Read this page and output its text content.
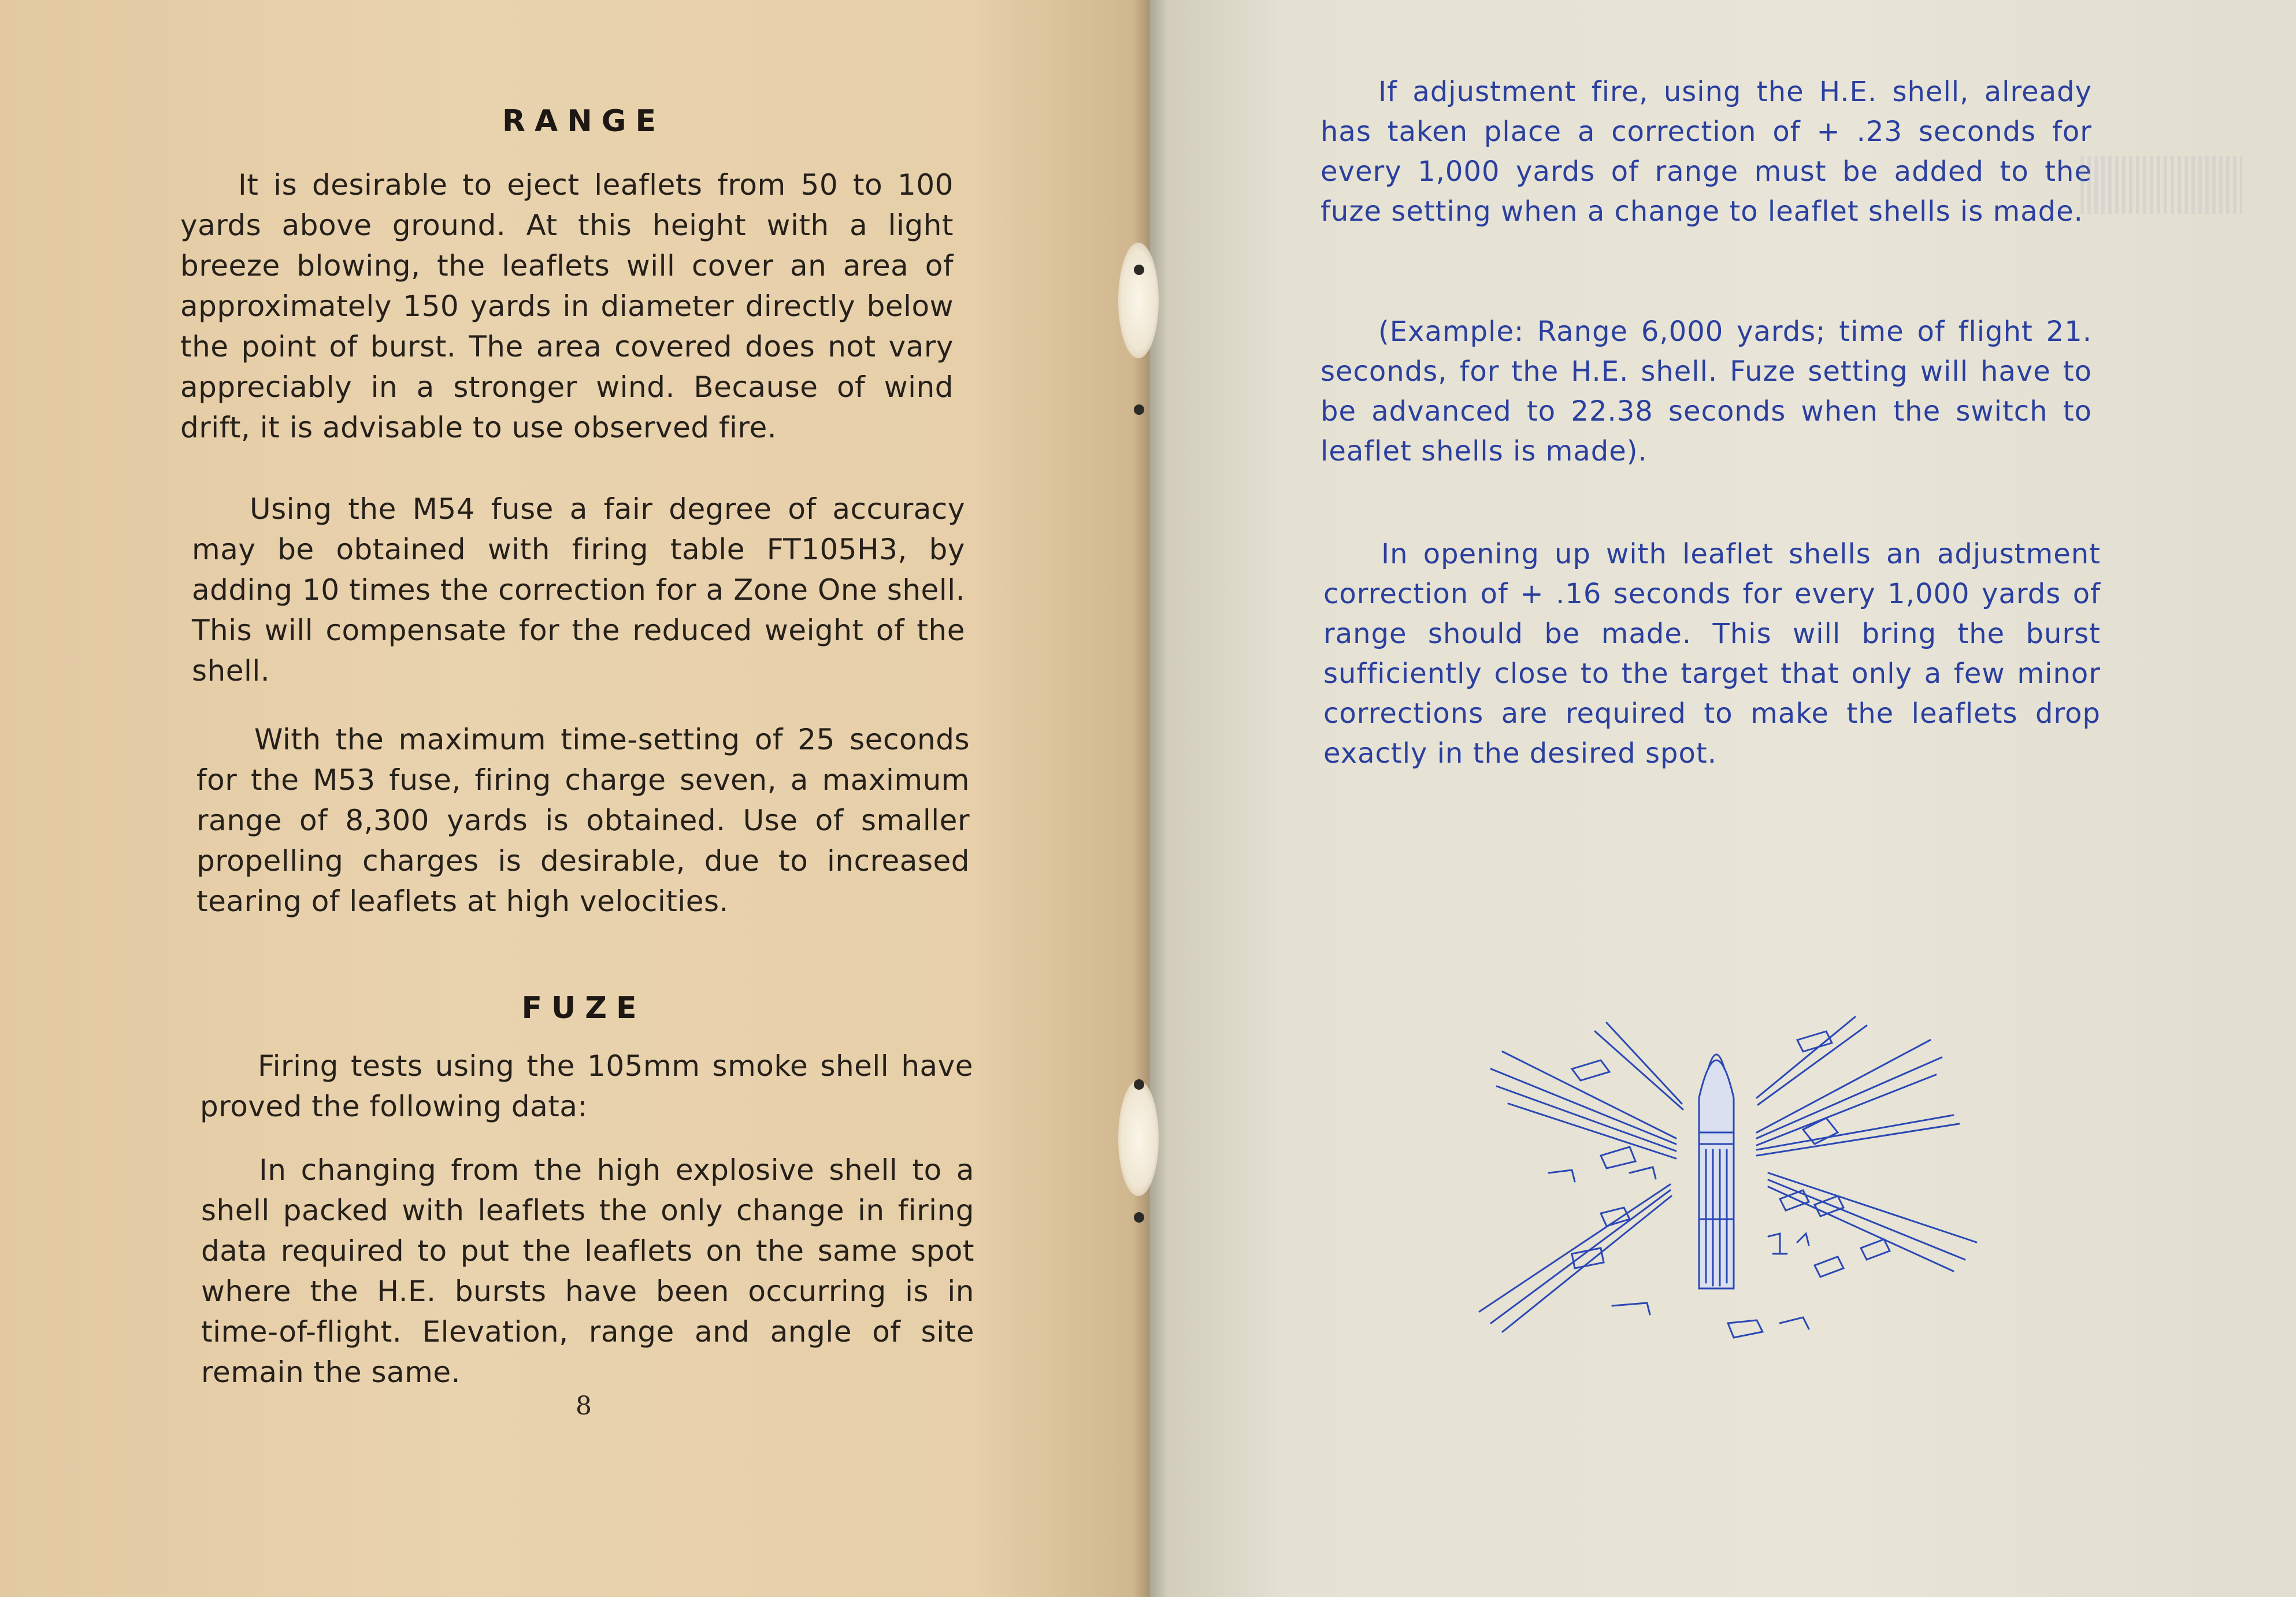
RANGE
It is desirable to eject leaflets from 50 to 100 yards above ground. At this height with a light breeze blowing, the leaflets will cover an area of approximately 150 yards in diameter directly below the point of burst. The area covered does not vary appreciably in a stronger wind. Because of wind drift, it is advisable to use observed fire.
Using the M54 fuse a fair degree of accuracy may be obtained with firing table FT105H3, by adding 10 times the correction for a Zone One shell. This will compensate for the reduced weight of the shell.
With the maximum time-setting of 25 seconds for the M53 fuse, firing charge seven, a maximum range of 8,300 yards is obtained. Use of smaller propelling charges is desirable, due to increased tearing of leaflets at high velocities.
FUZE
Firing tests using the 105mm smoke shell have proved the following data:
In changing from the high explosive shell to a shell packed with leaflets the only change in firing data required to put the leaflets on the same spot where the H.E. bursts have been occurring is in time-of-flight. Elevation, range and angle of site remain the same.
8
If adjustment fire, using the H.E. shell, already has taken place a correction of + .23 seconds for every 1,000 yards of range must be added to the fuze setting when a change to leaflet shells is made.
(Example: Range 6,000 yards; time of flight 21. seconds, for the H.E. shell. Fuze setting will have to be advanced to 22.38 seconds when the switch to leaflet shells is made).
In opening up with leaflet shells an adjustment correction of + .16 seconds for every 1,000 yards of range should be made. This will bring the burst sufficiently close to the target that only a few minor corrections are required to make the leaflets drop exactly in the desired spot.
